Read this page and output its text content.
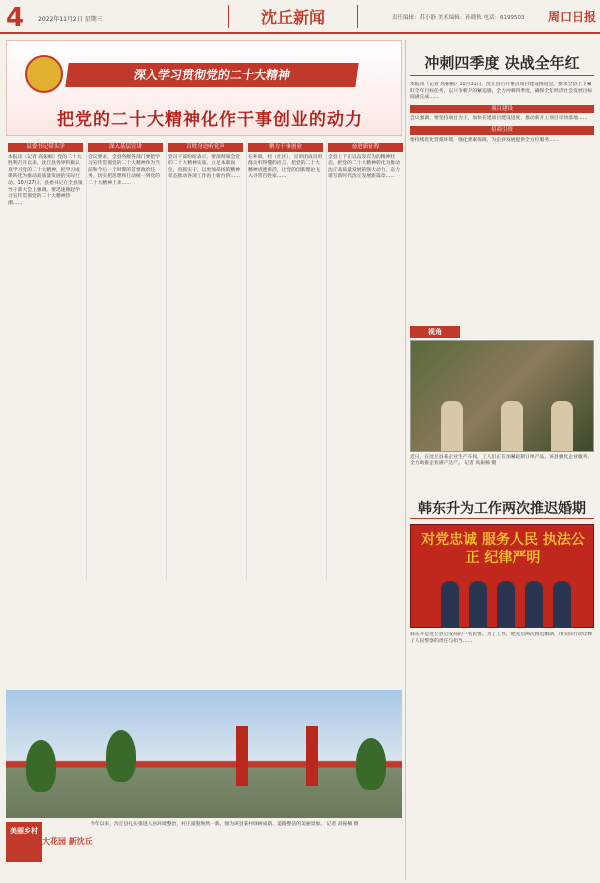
4 2022年11月2日 星期三	沈丘新闻	责任编辑：苏小静 美术编辑：孙晓秋 电话：6199503 周口日报
深入学习贯彻党的二十大精神
把党的二十大精神化作干事创业的动力
县委书记带头学
本报讯（记者 高振楠）党的二十大胜利召开以来，沈丘县各界积极认真学习党的二十大精神，把学习成果转化为推动高质量发展的实际行动。10月27日，县委书记在全县领导干部大会上强调，要迅速掀起学习宣传贯彻党的二十大精神热潮……
深入基层宣讲
会议要求，全县各级各部门要把学习宣传贯彻党的二十大精神作为当前和今后一个时期的首要政治任务，切实把思想和行动统一到党的二十大精神上来……
百姓身边听党声
党员干部纷纷表示，要深刻领会党的二十大精神实质，立足本职岗位，真抓实干，以更加昂扬的精神状态推动各项工作再上新台阶……
聚力干事创业
在乡镇、村（社区），宣讲团成员用群众听得懂的语言，把党的二十大精神讲透讲活，让党的创新理论飞入寻常百姓家……
奋进新征程
全县上下正以奋发有为的精神状态，把党的二十大精神转化为推动沈丘高质量发展的强大动力，奋力谱写新时代沈丘发展新篇章……
冲刺四季度 决战全年红
本报讯（记者 高振楠）10月31日，沈丘县召开重点项目建设推进会，要求全县上下紧盯全年目标任务，以只争朝夕的紧迫感，全力冲刺四季度，确保全年经济社会发展目标圆满完成……
项目建设
会议强调，要坚持项目为王，加快在建项目建设进度，推动新开工项目尽快落地……
招商引资
要持续优化营商环境，强化要素保障，为企业发展提供全方位服务……
视角
近日，在沈丘县某企业生产车间，工人们正在加紧赶制订单产品。该县强化企业服务，全力助推企业满产达产。 记者 高振楠 摄
韩东升为工作两次推迟婚期
对党忠诚 服务人民 执法公正 纪律严明
韩东升是沈丘县公安局的一名民警。为了工作，他先后两次推迟婚期，用实际行动诠释了人民警察的责任与担当……
美丽乡村
大花园 新沈丘
今年以来，沈丘县扎实推进人居环境整治，村庄面貌焕然一新。图为该县某村绿树成荫、道路整洁的美丽景象。 记者 高振楠 摄
